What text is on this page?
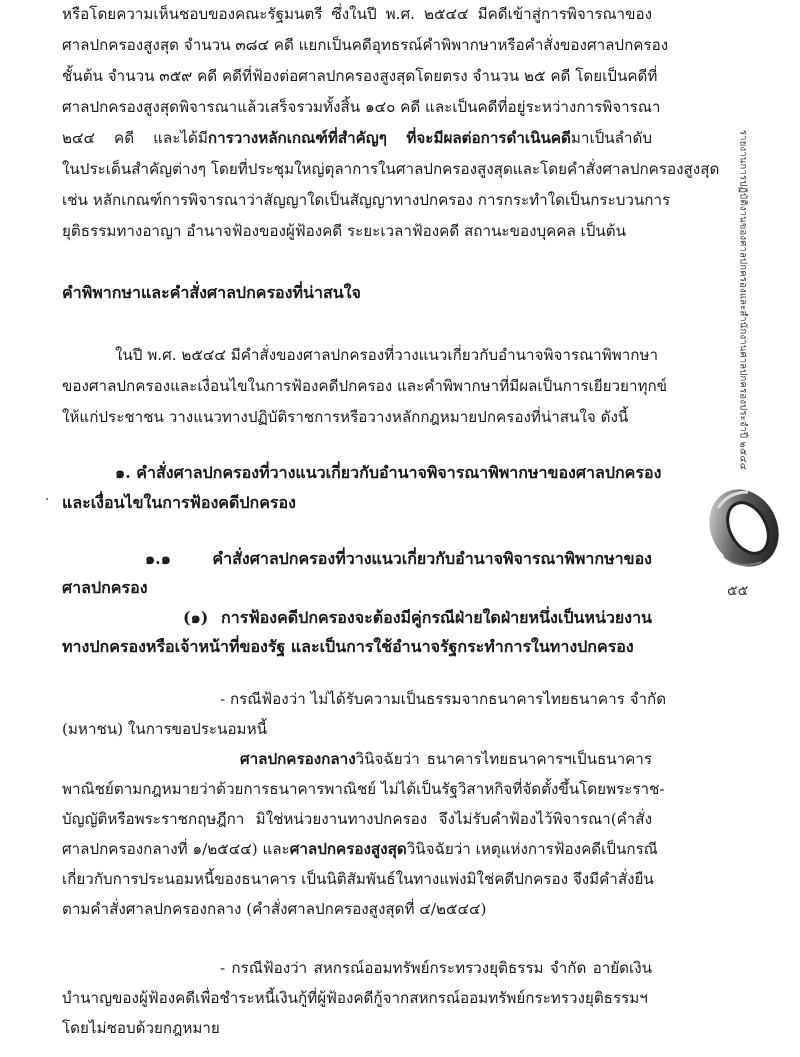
หรือโดยความเห็นชอบของคณะรัฐมนตรี ซึ่งในปี พ.ศ. ๒๕๔๔ มีคดีเข้าสู่การพิจารณาของ
ศาลปกครองสูงสุด จำนวน ๓๘๔ คดี แยกเป็นคดีอุทธรณ์คำพิพากษาหรือคำสั่งของศาลปกครอง
ชั้นต้น จำนวน ๓๕๙ คดี คดีที่ฟ้องต่อศาลปกครองสูงสุดโดยตรง จำนวน ๒๕ คดี โดยเป็นคดีที่
ศาลปกครองสูงสุดพิจารณาแล้วเสร็จรวมทั้งสิ้น ๑๔๐ คดี และเป็นคดีที่อยู่ระหว่างการพิจารณา
๒๔๔ คดี และได้มีการวางหลักเกณฑ์ที่สำคัญๆ ที่จะมีผลต่อการดำเนินคดีมาเป็นลำดับ
ในประเด็นสำคัญต่างๆ โดยที่ประชุมใหญ่ตุลาการในศาลปกครองสูงสุดและโดยคำสั่งศาลปกครองสูงสุด
เช่น หลักเกณฑ์การพิจารณาว่าสัญญาใดเป็นสัญญาทางปกครอง การกระทำใดเป็นกระบวนการ
ยุติธรรมทางอาญา อำนาจฟ้องของผู้ฟ้องคดี ระยะเวลาฟ้องคดี สถานะของบุคคล เป็นต้น
คำพิพากษาและคำสั่งศาลปกครองที่น่าสนใจ
ในปี พ.ศ. ๒๕๔๔ มีคำสั่งของศาลปกครองที่วางแนวเกี่ยวกับอำนาจพิจารณาพิพากษา
ของศาลปกครองและเงื่อนไขในการฟ้องคดีปกครอง และคำพิพากษาที่มีผลเป็นการเยียวยาทุกข์
ให้แก่ประชาชน วางแนวทางปฏิบัติราชการหรือวางหลักกฎหมายปกครองที่น่าสนใจ ดังนี้
๑. คำสั่งศาลปกครองที่วางแนวเกี่ยวกับอำนาจพิจารณาพิพากษาของศาลปกครอง
และเงื่อนไขในการฟ้องคดีปกครอง
๑.๑ คำสั่งศาลปกครองที่วางแนวเกี่ยวกับอำนาจพิจารณาพิพากษาของ
ศาลปกครอง
(๑) การฟ้องคดีปกครองจะต้องมีคู่กรณีฝ่ายใดฝ่ายหนึ่งเป็นหน่วยงาน
ทางปกครองหรือเจ้าหน้าที่ของรัฐ และเป็นการใช้อำนาจรัฐกระทำการในทางปกครอง
- กรณีฟ้องว่า ไม่ได้รับความเป็นธรรมจากธนาคารไทยธนาคาร จำกัด
(มหาชน) ในการขอประนอมหนี้
ศาลปกครองกลางวินิจฉัยว่า ธนาคารไทยธนาคารฯเป็นธนาคาร
พาณิชย์ตามกฎหมายว่าด้วยการธนาคารพาณิชย์ ไม่ได้เป็นรัฐวิสาหกิจที่จัดตั้งขึ้นโดยพระราช-
บัญญัติหรือพระราชกฤษฎีกา มิใช่หน่วยงานทางปกครอง จึงไม่รับคำฟ้องไว้พิจารณา(คำสั่ง
ศาลปกครองกลางที่ ๑/๒๕๔๔) และศาลปกครองสูงสุดวินิจฉัยว่า เหตุแห่งการฟ้องคดีเป็นกรณี
เกี่ยวกับการประนอมหนี้ของธนาคาร เป็นนิติสัมพันธ์ในทางแพ่งมิใช่คดีปกครอง จึงมีคำสั่งยืน
ตามคำสั่งศาลปกครองกลาง (คำสั่งศาลปกครองสูงสุดที่ ๔/๒๕๔๔)
- กรณีฟ้องว่า สหกรณ์ออมทรัพย์กระทรวงยุติธรรม จำกัด อายัดเงิน
บำนาญของผู้ฟ้องคดีเพื่อชำระหนี้เงินกู้ที่ผู้ฟ้องคดีกู้จากสหกรณ์ออมทรัพย์กระทรวงยุติธรรมฯ
โดยไม่ชอบด้วยกฎหมาย
รายงานการปฏิบัติงานของศาลปกครองและสำนักงานศาลปกครองประจำปี ๒๕๔๔
๕๕
